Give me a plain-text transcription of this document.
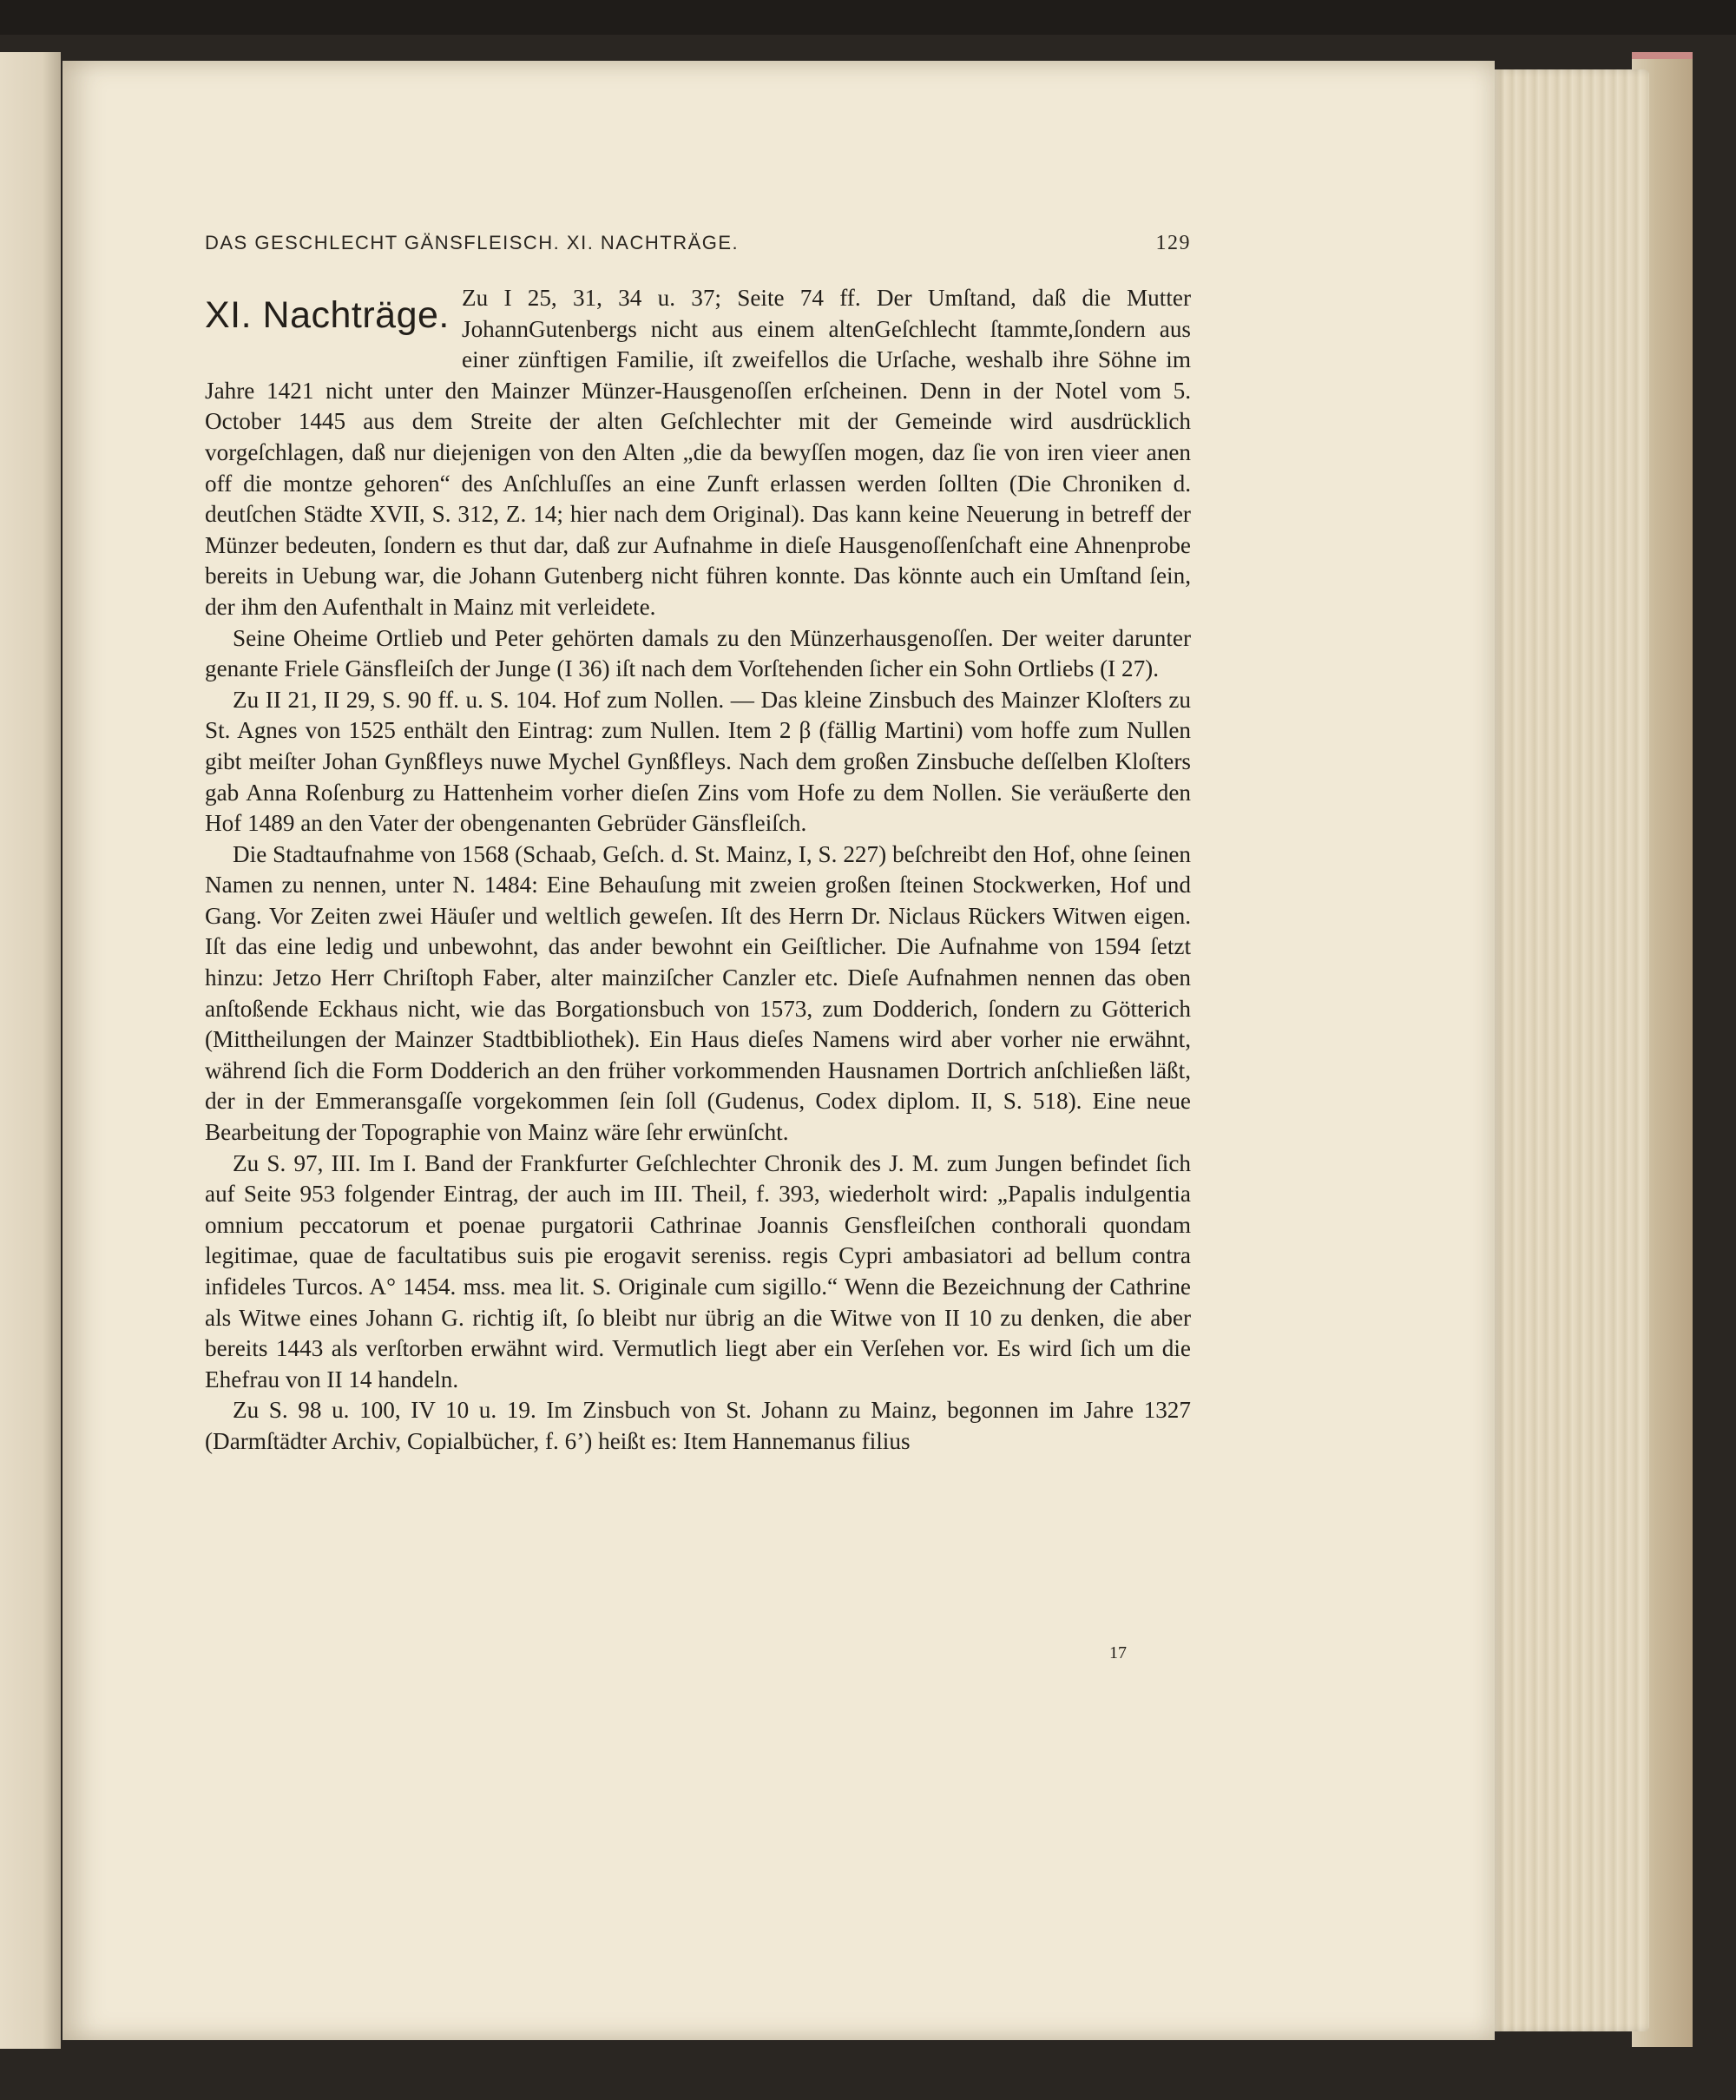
DAS GESCHLECHT GÄNSFLEISCH. XI. NACHTRÄGE.	129
XI. Nachträge. Zu I 25, 31, 34 u. 37; Seite 74 ff. Der Umſtand, daß die Mutter JohannGutenbergs nicht aus einem altenGeſchlecht ſtammte,ſondern aus einer zünftigen Familie, iſt zweifellos die Urſache, weshalb ihre Söhne im Jahre 1421 nicht unter den Mainzer Münzer-Hausgenoſſen erſcheinen. Denn in der Notel vom 5. October 1445 aus dem Streite der alten Geſchlechter mit der Gemeinde wird ausdrücklich vorgeſchlagen, daß nur diejenigen von den Alten „die da bewyſſen mogen, daz ſie von iren vieer anen off die montze gehoren“ des Anſchluſſes an eine Zunft erlassen werden ſollten (Die Chroniken d. deutſchen Städte XVII, S. 312, Z. 14; hier nach dem Original). Das kann keine Neuerung in betreff der Münzer bedeuten, ſondern es thut dar, daß zur Aufnahme in dieſe Hausgenoſſenſchaft eine Ahnenprobe bereits in Uebung war, die Johann Gutenberg nicht führen konnte. Das könnte auch ein Umſtand ſein, der ihm den Aufenthalt in Mainz mit verleidete.

Seine Oheime Ortlieb und Peter gehörten damals zu den Münzerhausgenoſſen. Der weiter darunter genante Friele Gänsfleiſch der Junge (I 36) iſt nach dem Vorſtehenden ſicher ein Sohn Ortliebs (I 27).

Zu II 21, II 29, S. 90 ff. u. S. 104. Hof zum Nollen. — Das kleine Zinsbuch des Mainzer Kloſters zu St. Agnes von 1525 enthält den Eintrag: zum Nullen. Item 2 β (fällig Martini) vom hoffe zum Nullen gibt meiſter Johan Gynßfleys nuwe Mychel Gynßfleys. Nach dem großen Zinsbuche deſſelben Kloſters gab Anna Roſenburg zu Hattenheim vorher dieſen Zins vom Hofe zu dem Nollen. Sie veräußerte den Hof 1489 an den Vater der obengenanten Gebrüder Gänsfleiſch.

Die Stadtaufnahme von 1568 (Schaab, Geſch. d. St. Mainz, I, S. 227) beſchreibt den Hof, ohne ſeinen Namen zu nennen, unter N. 1484: Eine Behauſung mit zweien großen ſteinen Stockwerken, Hof und Gang. Vor Zeiten zwei Häuſer und weltlich geweſen. Iſt des Herrn Dr. Niclaus Rückers Witwen eigen. Iſt das eine ledig und unbewohnt, das ander bewohnt ein Geiſtlicher. Die Aufnahme von 1594 ſetzt hinzu: Jetzo Herr Chriſtoph Faber, alter mainziſcher Canzler etc. Dieſe Aufnahmen nennen das oben anſtoßende Eckhaus nicht, wie das Borgationsbuch von 1573, zum Dodderich, ſondern zu Götterich (Mittheilungen der Mainzer Stadtbibliothek). Ein Haus dieſes Namens wird aber vorher nie erwähnt, während ſich die Form Dodderich an den früher vorkommenden Hausnamen Dortrich anſchließen läßt, der in der Emmeransgaſſe vorgekommen ſein ſoll (Gudenus, Codex diplom. II, S. 518). Eine neue Bearbeitung der Topographie von Mainz wäre ſehr erwünſcht.

Zu S. 97, III. Im I. Band der Frankfurter Geſchlechter Chronik des J. M. zum Jungen befindet ſich auf Seite 953 folgender Eintrag, der auch im III. Theil, f. 393, wiederholt wird: „Papalis indulgentia omnium peccatorum et poenae purgatorii Cathrinae Joannis Gensfleiſchen conthorali quondam legitimae, quae de facultatibus suis pie erogavit sereniss. regis Cypri ambasiatori ad bellum contra infideles Turcos. A° 1454. mss. mea lit. S. Originale cum sigillo.“ Wenn die Bezeichnung der Cathrine als Witwe eines Johann G. richtig iſt, ſo bleibt nur übrig an die Witwe von II 10 zu denken, die aber bereits 1443 als verſtorben erwähnt wird. Vermutlich liegt aber ein Verſehen vor. Es wird ſich um die Ehefrau von II 14 handeln.

Zu S. 98 u. 100, IV 10 u. 19. Im Zinsbuch von St. Johann zu Mainz, begonnen im Jahre 1327 (Darmſtädter Archiv, Copialbücher, f. 6’) heißt es: Item Hannemanus filius

17
